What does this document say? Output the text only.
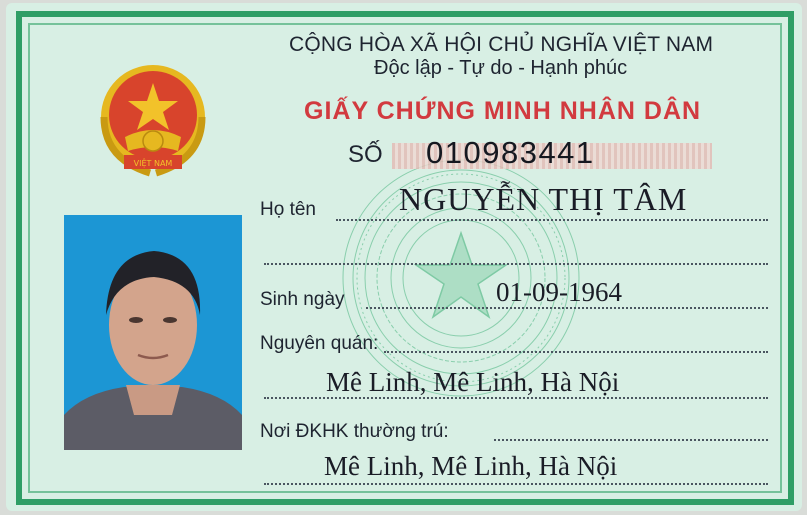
VIỆT NAM
CỘNG HÒA XÃ HỘI CHỦ NGHĨA VIỆT NAM
Độc lập - Tự do - Hạnh phúc
GIẤY CHỨNG MINH NHÂN DÂN
SỐ 010983441
Họ tên	NGUYỄN THỊ TÂM
Sinh ngày	01-09-1964
Nguyên quán:
Mê Linh, Mê Linh, Hà Nội
Nơi ĐKHK thường trú:
Mê Linh, Mê Linh, Hà Nội
